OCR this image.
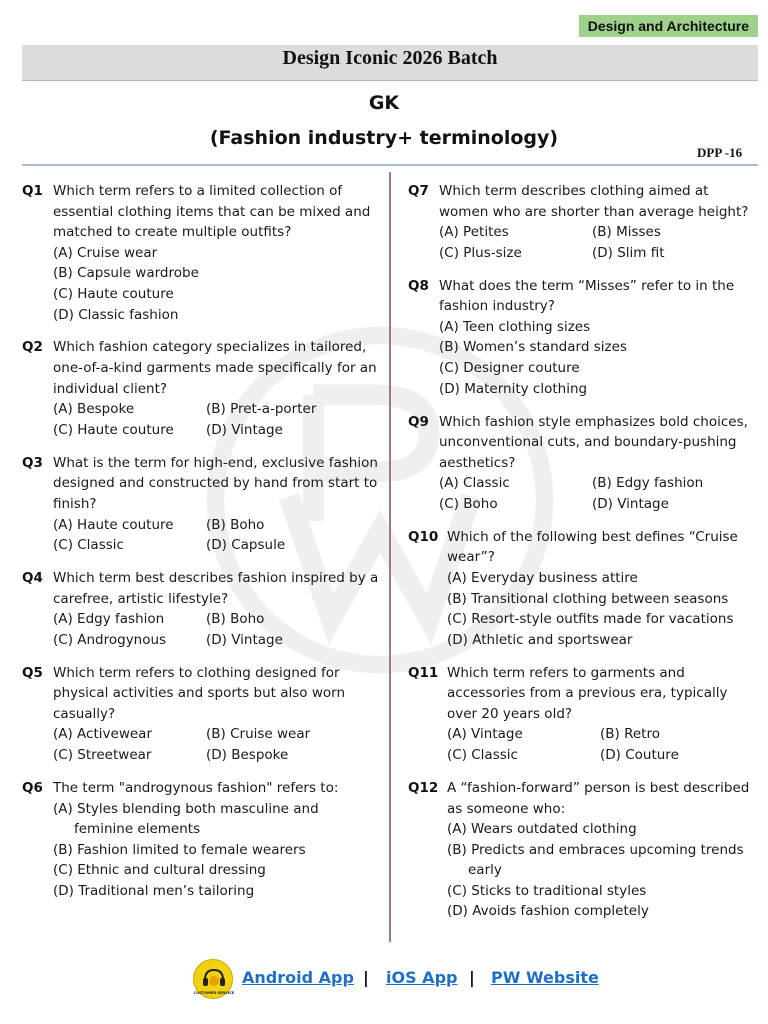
Design and Architecture
Design Iconic 2026 Batch
GK
(Fashion industry+ terminology)
DPP -16
Q1 Which term refers to a limited collection of essential clothing items that can be mixed and matched to create multiple outfits?
(A) Cruise wear
(B) Capsule wardrobe
(C) Haute couture
(D) Classic fashion
Q2 Which fashion category specializes in tailored, one-of-a-kind garments made specifically for an individual client?
(A) Bespoke	(B) Pret-a-porter
(C) Haute couture	(D) Vintage
Q3 What is the term for high-end, exclusive fashion designed and constructed by hand from start to finish?
(A) Haute couture	(B) Boho
(C) Classic	(D) Capsule
Q4 Which term best describes fashion inspired by a carefree, artistic lifestyle?
(A) Edgy fashion	(B) Boho
(C) Androgynous	(D) Vintage
Q5 Which term refers to clothing designed for physical activities and sports but also worn casually?
(A) Activewear	(B) Cruise wear
(C) Streetwear	(D) Bespoke
Q6 The term "androgynous fashion" refers to:
(A) Styles blending both masculine and feminine elements
(B) Fashion limited to female wearers
(C) Ethnic and cultural dressing
(D) Traditional men’s tailoring
Q7 Which term describes clothing aimed at women who are shorter than average height?
(A) Petites	(B) Misses
(C) Plus-size	(D) Slim fit
Q8 What does the term “Misses” refer to in the fashion industry?
(A) Teen clothing sizes
(B) Women’s standard sizes
(C) Designer couture
(D) Maternity clothing
Q9 Which fashion style emphasizes bold choices, unconventional cuts, and boundary-pushing aesthetics?
(A) Classic	(B) Edgy fashion
(C) Boho	(D) Vintage
Q10 Which of the following best defines “Cruise wear”?
(A) Everyday business attire
(B) Transitional clothing between seasons
(C) Resort-style outfits made for vacations
(D) Athletic and sportswear
Q11 Which term refers to garments and accessories from a previous era, typically over 20 years old?
(A) Vintage	(B) Retro
(C) Classic	(D) Couture
Q12 A “fashion-forward” person is best described as someone who:
(A) Wears outdated clothing
(B) Predicts and embraces upcoming trends early
(C) Sticks to traditional styles
(D) Avoids fashion completely
CUSTOMER SERVICE
Android App | iOS App | PW Website
